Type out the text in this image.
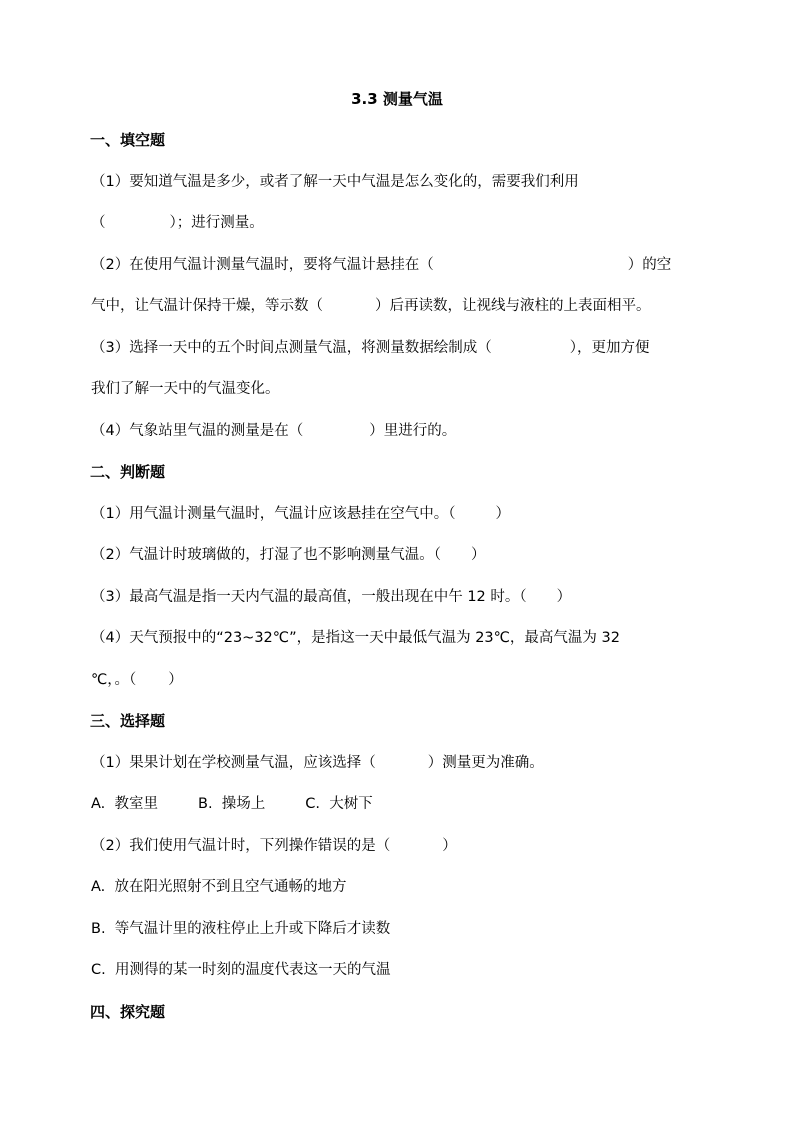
3.3 测量气温
一、填空题
（1）要知道气温是多少，或者了解一天中气温是怎么变化的，需要我们利用
（	）；进行测量。
（2）在使用气温计测量气温时，要将气温计悬挂在（	）的空
气中，让气温计保持干燥，等示数（	）后再读数，让视线与液柱的上表面相平。
（3）选择一天中的五个时间点测量气温，将测量数据绘制成（	），更加方便
我们了解一天中的气温变化。
（4）气象站里气温的测量是在（	）里进行的。
二、判断题
（1）用气温计测量气温时，气温计应该悬挂在空气中。（	）
（2）气温计时玻璃做的，打湿了也不影响测量气温。（ ）
（3）最高气温是指一天内气温的最高值，一般出现在中午 12 时。（ ）
（4）天气预报中的“23~32℃”，是指这一天中最低气温为 23℃，最高气温为 32
℃，。（ ）
三、选择题
（1）果果计划在学校测量气温，应该选择（	）测量更为准确。
A.  教室里	B.  操场上	C.  大树下
（2）我们使用气温计时，下列操作错误的是（	）
A.  放在阳光照射不到且空气通畅的地方
B.  等气温计里的液柱停止上升或下降后才读数
C.  用测得的某一时刻的温度代表这一天的气温
四、探究题
